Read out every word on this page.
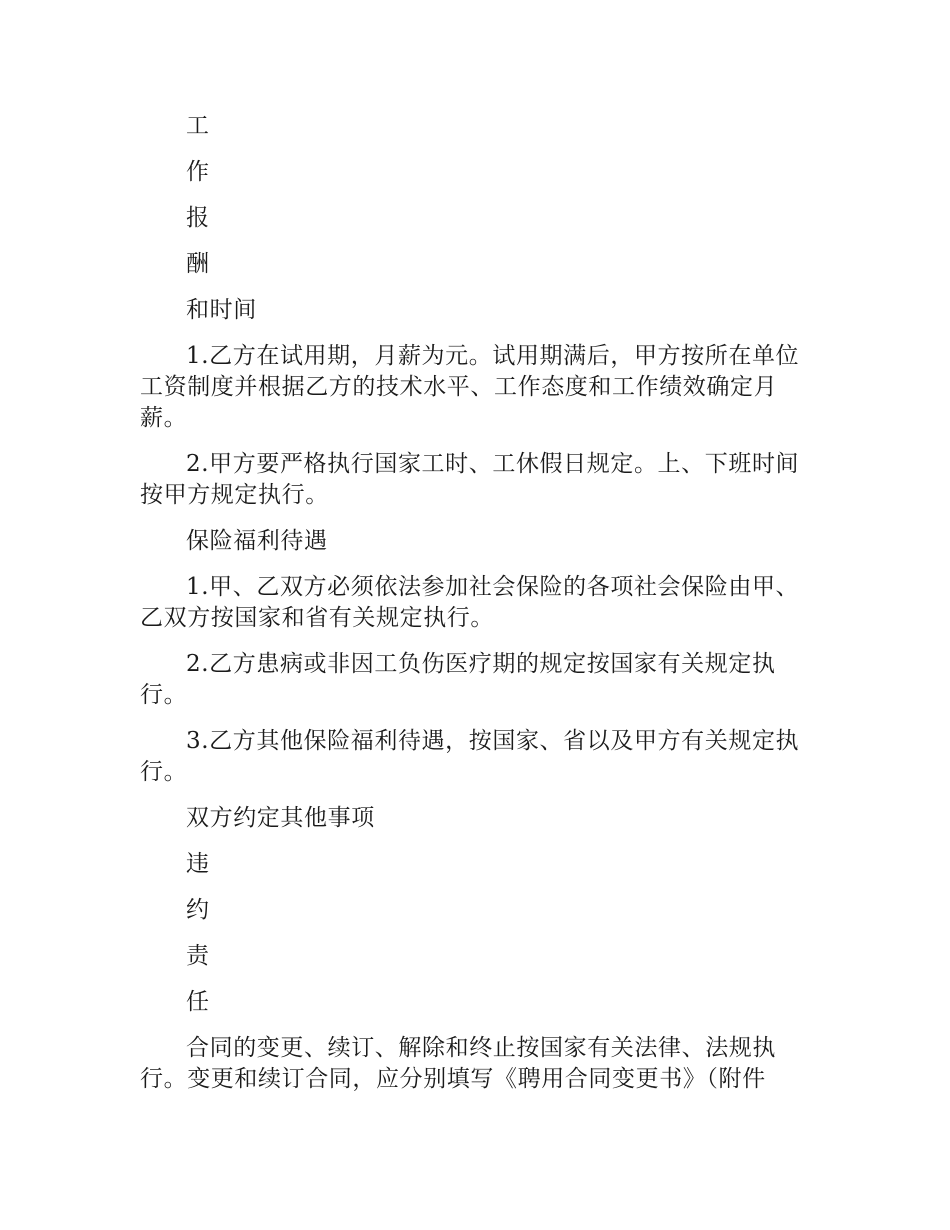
工

作

报

酬

和时间

1.乙方在试用期，月薪为元。试用期满后，甲方按所在单位工资制度并根据乙方的技术水平、工作态度和工作绩效确定月薪。

2.甲方要严格执行国家工时、工休假日规定。上、下班时间按甲方规定执行。

保险福利待遇

1.甲、乙双方必须依法参加社会保险的各项社会保险由甲、乙双方按国家和省有关规定执行。

2.乙方患病或非因工负伤医疗期的规定按国家有关规定执行。

3.乙方其他保险福利待遇，按国家、省以及甲方有关规定执行。

双方约定其他事项

违

约

责

任

合同的变更、续订、解除和终止按国家有关法律、法规执行。变更和续订合同，应分别填写《聘用合同变更书》（附件
